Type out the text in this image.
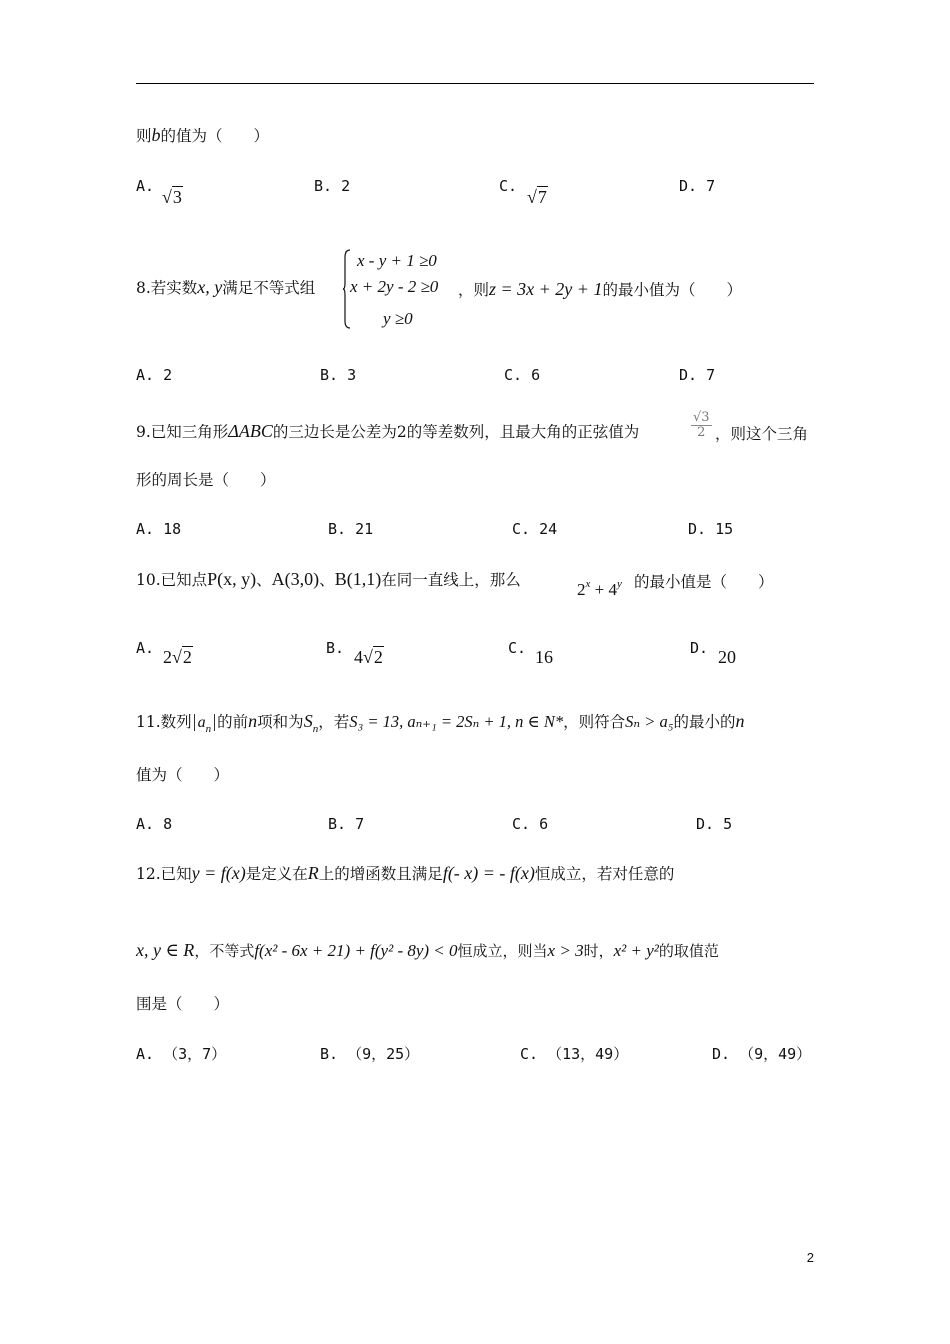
则b的值为（　　）
A.
√3
B. 2	C.
√7
D. 7
8.若实数x, y满足不等式组
x - y + 1 ≥0
x + 2y - 2 ≥0
y ≥0
，则z = 3x + 2y + 1的最小值为（　　）
A. 2	B. 3	C. 6	D. 7
9.已知三角形ΔABC的三边长是公差为2的等差数列，且最大角的正弦值为	$\frac{√3}{2}$ ，则这个三角
形的周长是（　　）
A. 18	B. 21	C. 24	D. 15
10.已知点P(x, y)、A(3,0)、B(1,1)在同一直线上，那么	$2^x + 4^y$ 的最小值是（　　）
A. 2√2	B. 4√2	C. 16	D. 20
11.数列 $a_n$ 的前n项和为$S_n$，若S₃ = 13, aₙ₊₁ = 2Sₙ + 1, n ∈ N*，则符合Sₙ > a₅的最小的n
值为（　　）
A. 8	B. 7	C. 6	D. 5
12.已知y = f(x)是定义在R上的增函数且满足f(- x) = - f(x)恒成立，若对任意的
x, y ∈ R，不等式f(x² - 6x + 21) + f(y² - 8y) < 0恒成立，则当x > 3时，x² + y²的取值范
围是（　　）
A. （3，7）	B. （9，25）	C. （13，49）	D. （9，49）
2
